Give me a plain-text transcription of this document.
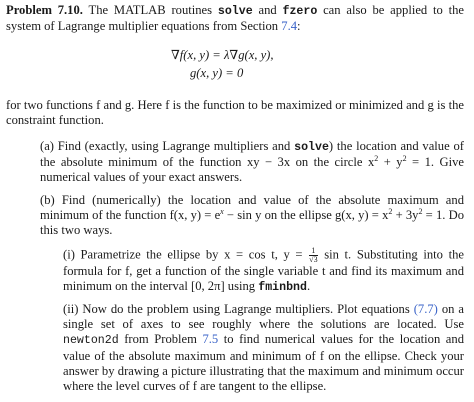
Problem 7.10. The MATLAB routines solve and fzero can also be applied to the system of Lagrange multiplier equations from Section 7.4:

∇f(x, y) = λ∇g(x, y),
g(x, y) = 0

for two functions f and g. Here f is the function to be maximized or minimized and g is the constraint function.

(a) Find (exactly, using Lagrange multipliers and solve) the location and value of the absolute minimum of the function xy − 3x on the circle $x^2 + y^2 = 1$. Give numerical values of your exact answers.

(b) Find (numerically) the location and value of the absolute maximum and minimum of the function f(x, $y) = e^x - \sin y$ on the ellipse g(x, $y) = x^2 + 3y^2 = 1$. Do this two ways.

(i) Parametrize the ellipse by x = cos t, $y = \frac{1}{√3}$ sin t. Substituting into the formula for f, get a function of the single variable t and find its maximum and minimum on the interval [0, 2π] using fminbnd.

(ii) Now do the problem using Lagrange multipliers. Plot equations (7.7) on a single set of axes to see roughly where the solutions are located. Use newton2d from Problem 7.5 to find numerical values for the location and value of the absolute maximum and minimum of f on the ellipse. Check your answer by drawing a picture illustrating that the maximum and minimum occur where the level curves of f are tangent to the ellipse.
